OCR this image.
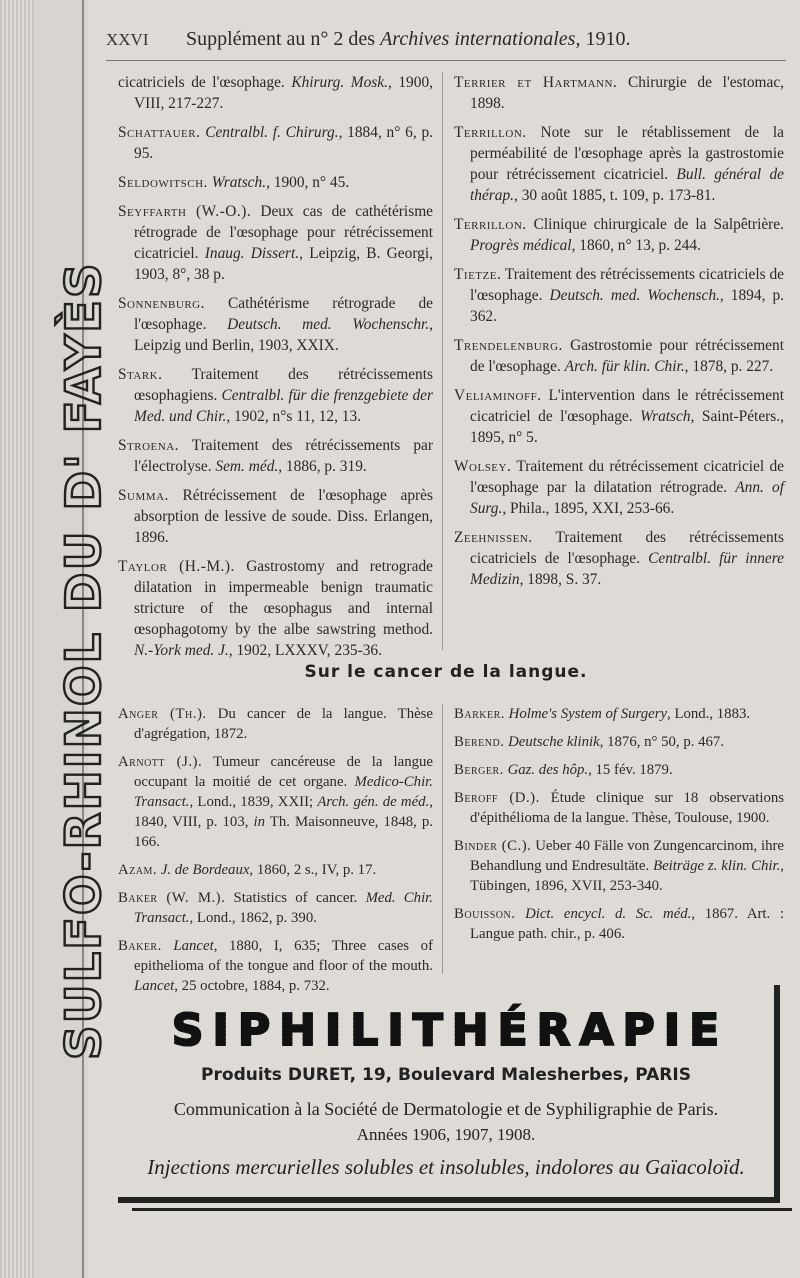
SULFO-RHINOL DU D' FAYÈS
XXVI	Supplément au n° 2 des Archives internationales, 1910.
cicatriciels de l'œsophage. Khirurg. Mosk., 1900, VIII, 217-227.
Schattauer. Centralbl. f. Chirurg., 1884, n° 6, p. 95.
Seldowitsch. Wratsch., 1900, n° 45.
Seyffarth (W.-O.). Deux cas de cathétérisme rétrograde de l'œsophage pour rétrécissement cicatriciel. Inaug. Dissert., Leipzig, B. Georgi, 1903, 8°, 38 p.
Sonnenburg. Cathétérisme rétrograde de l'œsophage. Deutsch. med. Wochenschr., Leipzig und Berlin, 1903, XXIX.
Stark. Traitement des rétrécissements œsophagiens. Centralbl. für die frenzgebiete der Med. und Chir., 1902, n°s 11, 12, 13.
Stroena. Traitement des rétrécissements par l'électrolyse. Sem. méd., 1886, p. 319.
Summa. Rétrécissement de l'œsophage après absorption de lessive de soude. Diss. Erlangen, 1896.
Taylor (H.-M.). Gastrostomy and retrograde dilatation in impermeable benign traumatic stricture of the œsophagus and internal œsophagotomy by the albe sawstring method. N.-York med. J., 1902, LXXXV, 235-36.
Terrier et Hartmann. Chirurgie de l'estomac, 1898.
Terrillon. Note sur le rétablissement de la perméabilité de l'œsophage après la gastrostomie pour rétrécissement cicatriciel. Bull. général de thérap., 30 août 1885, t. 109, p. 173-81.
Terrillon. Clinique chirurgicale de la Salpêtrière. Progrès médical, 1860, n° 13, p. 244.
Tietze. Traitement des rétrécissements cicatriciels de l'œsophage. Deutsch. med. Wochensch., 1894, p. 362.
Trendelenburg. Gastrostomie pour rétrécissement de l'œsophage. Arch. für klin. Chir., 1878, p. 227.
Veliaminoff. L'intervention dans le rétrécissement cicatriciel de l'œsophage. Wratsch, Saint-Péters., 1895, n° 5.
Wolsey. Traitement du rétrécissement cicatriciel de l'œsophage par la dilatation rétrograde. Ann. of Surg., Phila., 1895, XXI, 253-66.
Zeehnissen. Traitement des rétrécissements cicatriciels de l'œsophage. Centralbl. für innere Medizin, 1898, S. 37.
Sur le cancer de la langue.
Anger (Th.). Du cancer de la langue. Thèse d'agrégation, 1872.
Arnott (J.). Tumeur cancéreuse de la langue occupant la moitié de cet organe. Medico-Chir. Transact., Lond., 1839, XXII; Arch. gén. de méd., 1840, VIII, p. 103, in Th. Maisonneuve, 1848, p. 166.
Azam. J. de Bordeaux, 1860, 2 s., IV, p. 17.
Baker (W. M.). Statistics of cancer. Med. Chir. Transact., Lond., 1862, p. 390.
Baker. Lancet, 1880, I, 635; Three cases of epithelioma of the tongue and floor of the mouth. Lancet, 25 octobre, 1884, p. 732.
Barker. Holme's System of Surgery, Lond., 1883.
Berend. Deutsche klinik, 1876, n° 50, p. 467.
Berger. Gaz. des hôp., 15 fév. 1879.
Beroff (D.). Étude clinique sur 18 observations d'épithélioma de la langue. Thèse, Toulouse, 1900.
Binder (C.). Ueber 40 Fälle von Zungencarcinom, ihre Behandlung und Endresultäte. Beiträge z. klin. Chir., Tübingen, 1896, XVII, 253-340.
Bouisson. Dict. encycl. d. Sc. méd., 1867. Art. : Langue path. chir., p. 406.
SIPHILITHÉRAPIE
Produits DURET, 19, Boulevard Malesherbes, PARIS
Communication à la Société de Dermatologie et de Syphiligraphie de Paris.
Années 1906, 1907, 1908.
Injections mercurielles solubles et insolubles, indolores au Gaïacoloïd.
